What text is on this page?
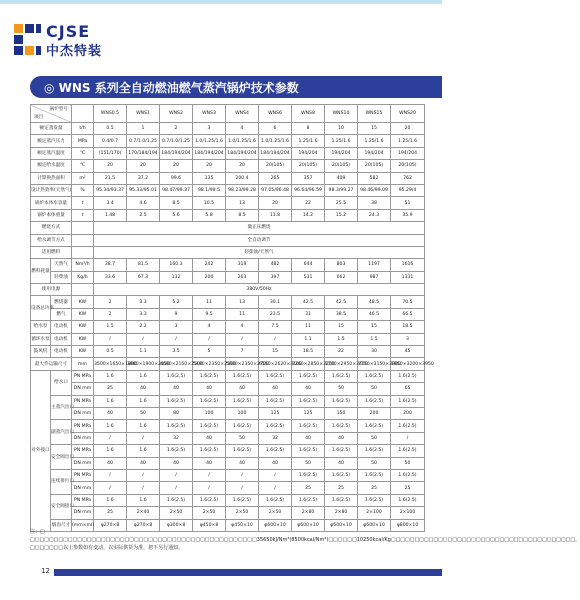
CJSE
中杰特装
◎ WNS 系列全自动燃油燃气蒸汽锅炉技术参数
锅炉型号
项目			WNS0.5	WNS1	WNS2	WNS3	WNS4	WNS6	WNS8	WNS10	WNS15	WNS20
额定蒸发量		t/h	0.5	1	2	3	4	6	8	10	15	20
额定蒸汽压力		MPa	0.4/0.7	0.7/1.0/1.25	0.7/1.0/1.25	1.0/1.25/1.6	1.0/1.25/1.6	1.0/1.25/1.6	1.25/1.6	1.25/1.6	1.25/1.6	1.25/1.6
额定蒸汽温度		℃	(151/170)	170/184/194	184/194/204	184/194/204	184/194/204	184/194/204	194/204	194/204	194/204	194/204
额定给水温度		℃	20	20	20	20	20	20(105)	20(105)	20(105)	20(105)	20(105)
计算换热面积		m²	21.5	37.2	99.6	135	200.4	265	357	409	582	762
设计热效率(天然气)		%	95.34/93.37	95.33/95.01	98.47/99.37	98.1/99.5	98.23/99.28	97.05/96.48	96.64/96.59	98.3/99.27	98.46/99.09	95.29/4
锅炉本体水容量		t	3.4	4.6	8.5	10.5	13	20	22	25.5	38	51
锅炉本体重量		t	1.48	2.5	5.6	5.8	8.5	11.8	14.2	15.2	24.3	35.9
燃烧方式			微正压燃烧									
给水调节方式			全自动调节									
适用燃料			轻柴油/天然气									
燃料耗量	天然气	Nm³/h	38.7	81.5	160.3	242	319	482	644	803	1197	1616
	轻柴油	Kg/h	33.6	67.3	132	200	263	397	531	662	987	1331
使用电源			380V/50Hz									
设备总功率	燃烧器	KW	2	3.3	5.2	11	13	30.1	42.5	42.5	48.5	70.5
	燃气	KW	2	3.3	9	9.5	11	23.5	31	38.5	46.5	66.5
给水泵	电动机	KW	1.5	2.2	3	4	4	7.5	11	15	15	18.5
循环水泵	电动机	KW	/	/	/	/	/	/	1.1	1.5	1.5	3
鼓风机	电动机	KW	0.5	1.1	3.5	5	7	15	18.5	22	30	45
最大件运输尺寸		mm	3500×1650×1800	3980×1900×2150	4690×2150×2500	5490×2350×2550	5890×2350×2700	6550×2620×3100	7260×2850×3250	7700×2950×3450	7750×3150×3800	7950×3200×3950
对外接口	给水口	PN MPa	1.6	1.6	1.6(2.5)	1.6(2.5)	1.6(2.5)	1.6(2.5)	1.6(2.5)	1.6(2.5)	1.6(2.5)	1.6(2.5)
		DN mm	25	40	40	40	40	40	40	50	50	65
	主蒸汽出口	PN MPa	1.6	1.6	1.6(2.5)	1.6(2.5)	1.6(2.5)	1.6(2.5)	1.6(2.5)	1.6(2.5)	1.6(2.5)	1.6(2.5)
		DN mm	40	50	80	100	100	125	125	150	200	200
	副蒸汽出口	PN MPa	1.6	1.6	1.6(2.5)	1.6(2.5)	1.6(2.5)	1.6(2.5)	1.6(2.5)	1.6(2.5)	1.6(2.5)	1.6(2.5)
		DN mm	/	/	32	40	50	32	40	40	50	/
	安全阀出口	PN MPa	1.6	1.6	1.6(2.5)	1.6(2.5)	1.6(2.5)	1.6(2.5)	1.6(2.5)	1.6(2.5)	1.6(2.5)	1.6(2.5)
		DN mm	40	40	40	40	40	40	50	40	50	50
	连续排污口	PN MPa	/	/	/	/	/	/	1.6(2.5)	1.6(2.5)	1.6(2.5)	1.6(2.5)
		DN mm	/	/	/	/	/	/	25	25	25	25
	安全阀接口	PN MPa	1.6	1.6	1.6(2.5)	1.6(2.5)	1.6(2.5)	1.6(2.5)	1.6(2.5)	1.6(2.5)	1.6(2.5)	1.6(2.5)
		DN mm	25	2×40	2×50	2×50	2×50	2×50	2×80	2×80	2×100	2×100
	烟囱尺寸	(mm×ml)	φ270×8	φ270×8	φ300×8	φ450×8	φ450×10	φ600×10	φ600×10	φ600×10	φ600×10	φ800×10
注：□ □□□□□□□□□□□□□□□□□□□□□□□□□□□□□□□□□□□□□□□□□□□□□□□□35650kJ/Nm³(8500kcal/Nm³)□□□□□□10250kcal/Kg□□□□□□□□□□□□□□□□□□□□□□□□□□□□□□□□□□□□□□□。□□□□□□□以上参数如有变动，以实际供货为准，恕不另行通知。
12
